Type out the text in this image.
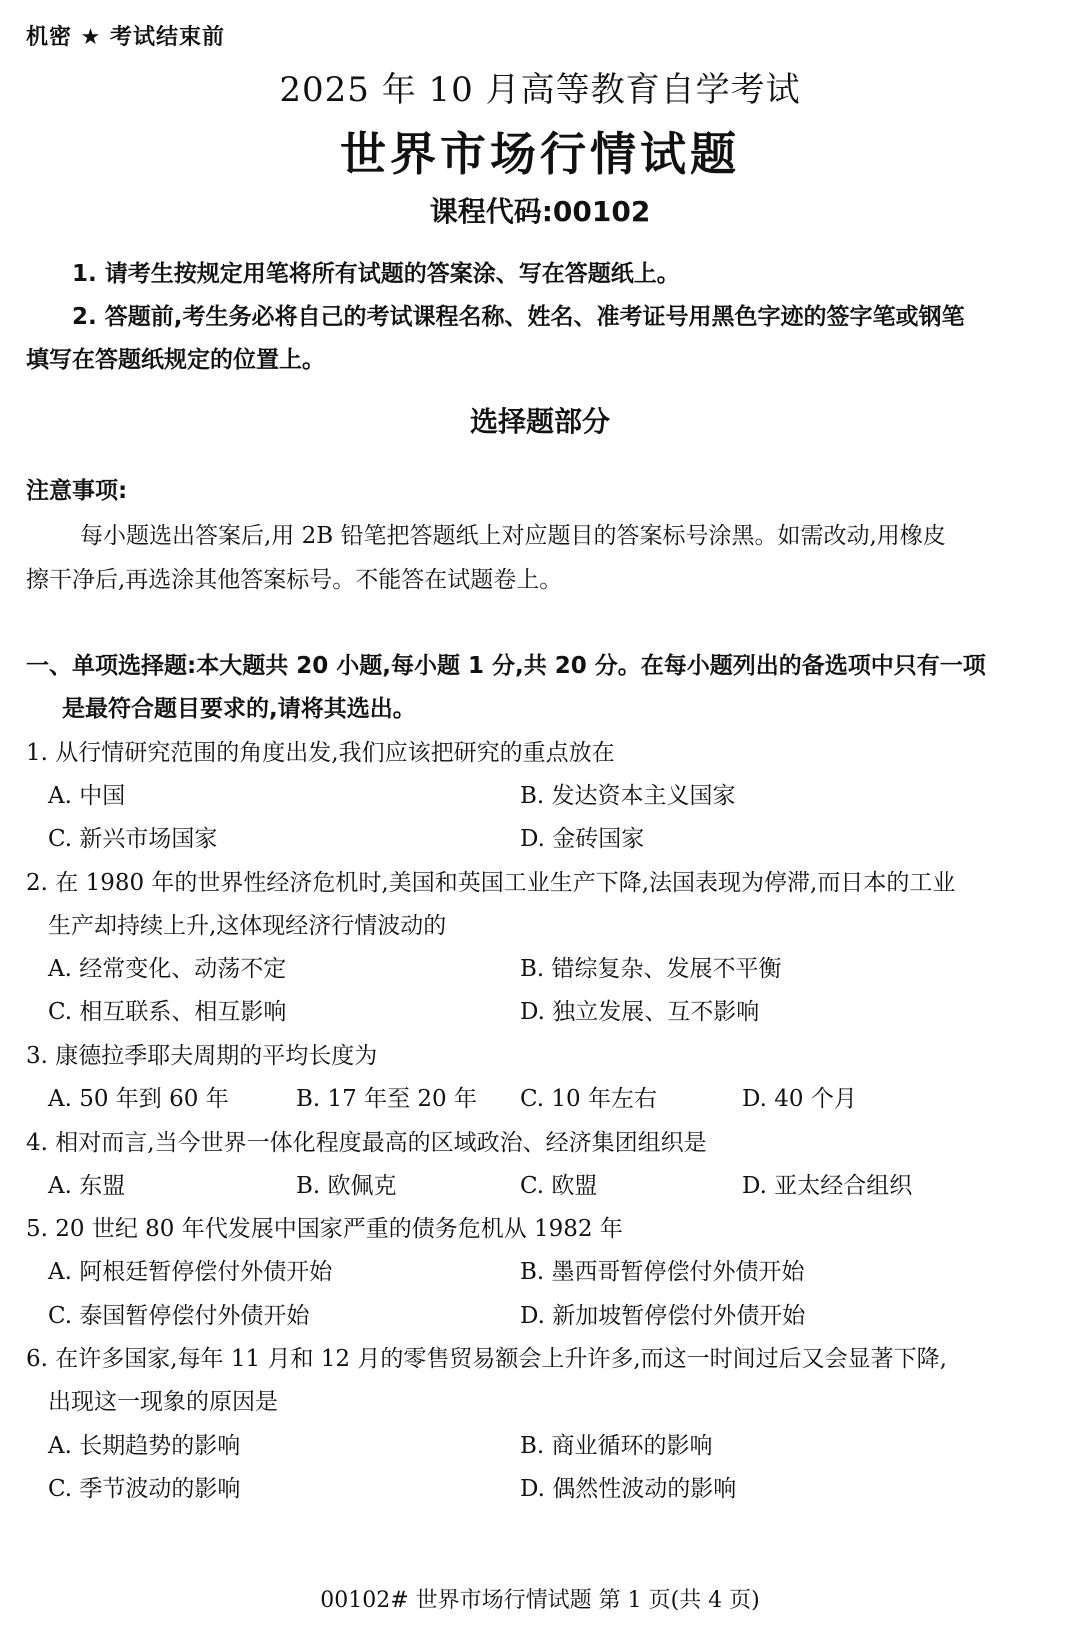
机密 ★ 考试结束前
2025 年 10 月高等教育自学考试
世界市场行情试题
课程代码:00102
1. 请考生按规定用笔将所有试题的答案涂、写在答题纸上。
2. 答题前,考生务必将自己的考试课程名称、姓名、准考证号用黑色字迹的签字笔或钢笔
填写在答题纸规定的位置上。
选择题部分
注意事项:
每小题选出答案后,用 2B 铅笔把答题纸上对应题目的答案标号涂黑。如需改动,用橡皮
擦干净后,再选涂其他答案标号。不能答在试题卷上。
一、单项选择题:本大题共 20 小题,每小题 1 分,共 20 分。在每小题列出的备选项中只有一项
是最符合题目要求的,请将其选出。
1. 从行情研究范围的角度出发,我们应该把研究的重点放在
A. 中国	B. 发达资本主义国家
C. 新兴市场国家	D. 金砖国家
2. 在 1980 年的世界性经济危机时,美国和英国工业生产下降,法国表现为停滞,而日本的工业
生产却持续上升,这体现经济行情波动的
A. 经常变化、动荡不定	B. 错综复杂、发展不平衡
C. 相互联系、相互影响	D. 独立发展、互不影响
3. 康德拉季耶夫周期的平均长度为
A. 50 年到 60 年	B. 17 年至 20 年 C. 10 年左右	D. 40 个月
4. 相对而言,当今世界一体化程度最高的区域政治、经济集团组织是
A. 东盟	B. 欧佩克	C. 欧盟	D. 亚太经合组织
5. 20 世纪 80 年代发展中国家严重的债务危机从 1982 年
A. 阿根廷暂停偿付外债开始	B. 墨西哥暂停偿付外债开始
C. 泰国暂停偿付外债开始	D. 新加坡暂停偿付外债开始
6. 在许多国家,每年 11 月和 12 月的零售贸易额会上升许多,而这一时间过后又会显著下降,
出现这一现象的原因是
A. 长期趋势的影响	B. 商业循环的影响
C. 季节波动的影响	D. 偶然性波动的影响
00102# 世界市场行情试题 第 1 页(共 4 页)
